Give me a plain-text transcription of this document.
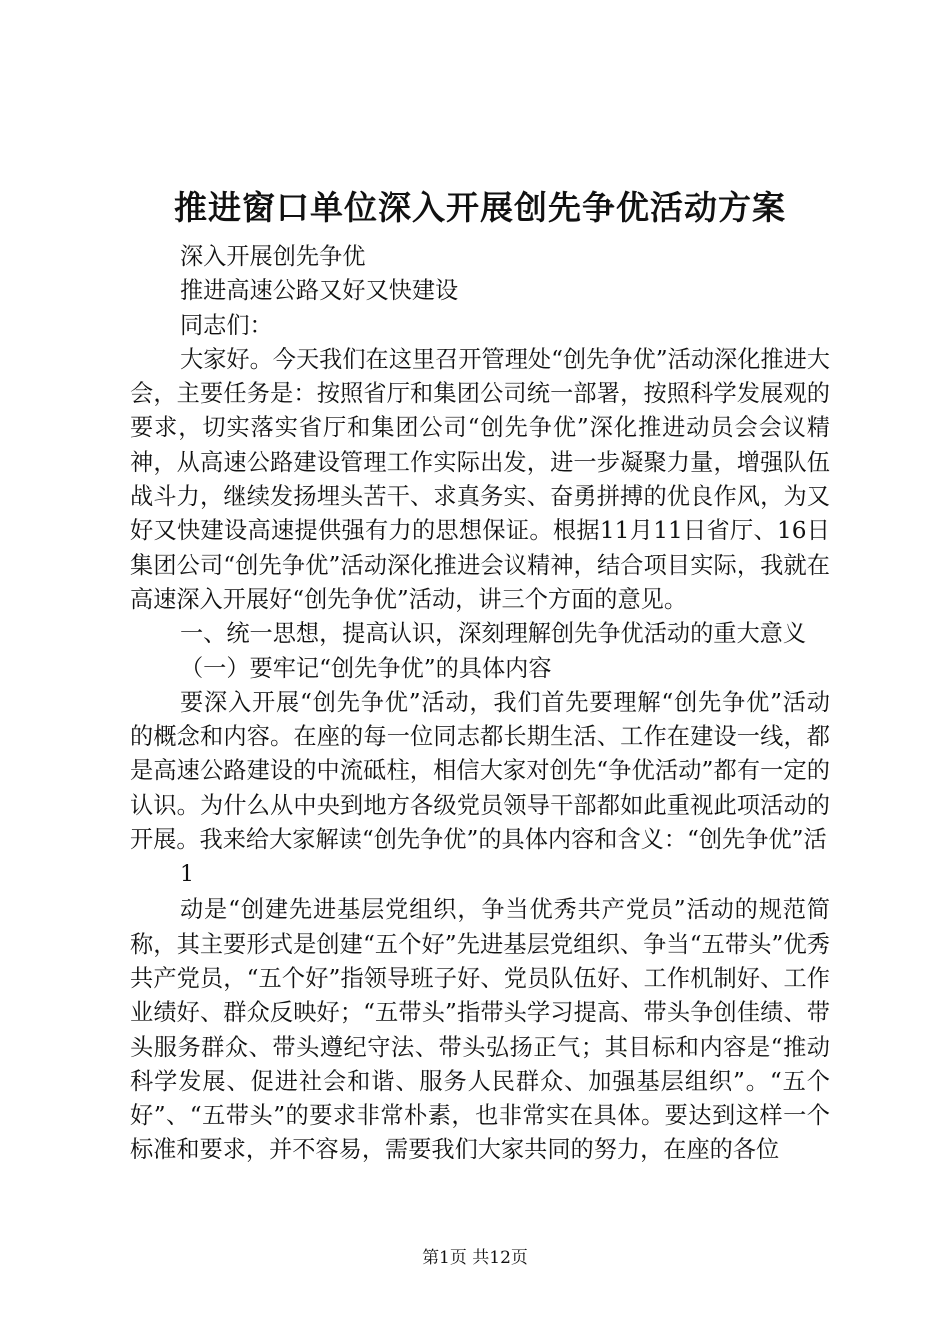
推进窗口单位深入开展创先争优活动方案

深入开展创先争优

推进高速公路又好又快建设

同志们：

大家好。今天我们在这里召开管理处“创先争优”活动深化推进大会，主要任务是：按照省厅和集团公司统一部署，按照科学发展观的要求，切实落实省厅和集团公司“创先争优”深化推进动员会会议精神，从高速公路建设管理工作实际出发，进一步凝聚力量，增强队伍战斗力，继续发扬埋头苦干、求真务实、奋勇拼搏的优良作风，为又好又快建设高速提供强有力的思想保证。根据11月11日省厅、16日集团公司“创先争优”活动深化推进会议精神，结合项目实际，我就在高速深入开展好“创先争优”活动，讲三个方面的意见。

一、统一思想，提高认识，深刻理解创先争优活动的重大意义

（一）要牢记“创先争优”的具体内容

要深入开展“创先争优”活动，我们首先要理解“创先争优”活动的概念和内容。在座的每一位同志都长期生活、工作在建设一线，都是高速公路建设的中流砥柱，相信大家对创先“争优活动”都有一定的认识。为什么从中央到地方各级党员领导干部都如此重视此项活动的开展。我来给大家解读“创先争优”的具体内容和含义：“创先争优”活

1

动是“创建先进基层党组织，争当优秀共产党员”活动的规范简称，其主要形式是创建“五个好”先进基层党组织、争当“五带头”优秀共产党员，“五个好”指领导班子好、党员队伍好、工作机制好、工作业绩好、群众反映好；“五带头”指带头学习提高、带头争创佳绩、带头服务群众、带头遵纪守法、带头弘扬正气；其目标和内容是“推动科学发展、促进社会和谐、服务人民群众、加强基层组织”。“五个好”、“五带头”的要求非常朴素，也非常实在具体。要达到这样一个标准和要求，并不容易，需要我们大家共同的努力，在座的各位

第1页 共12页
